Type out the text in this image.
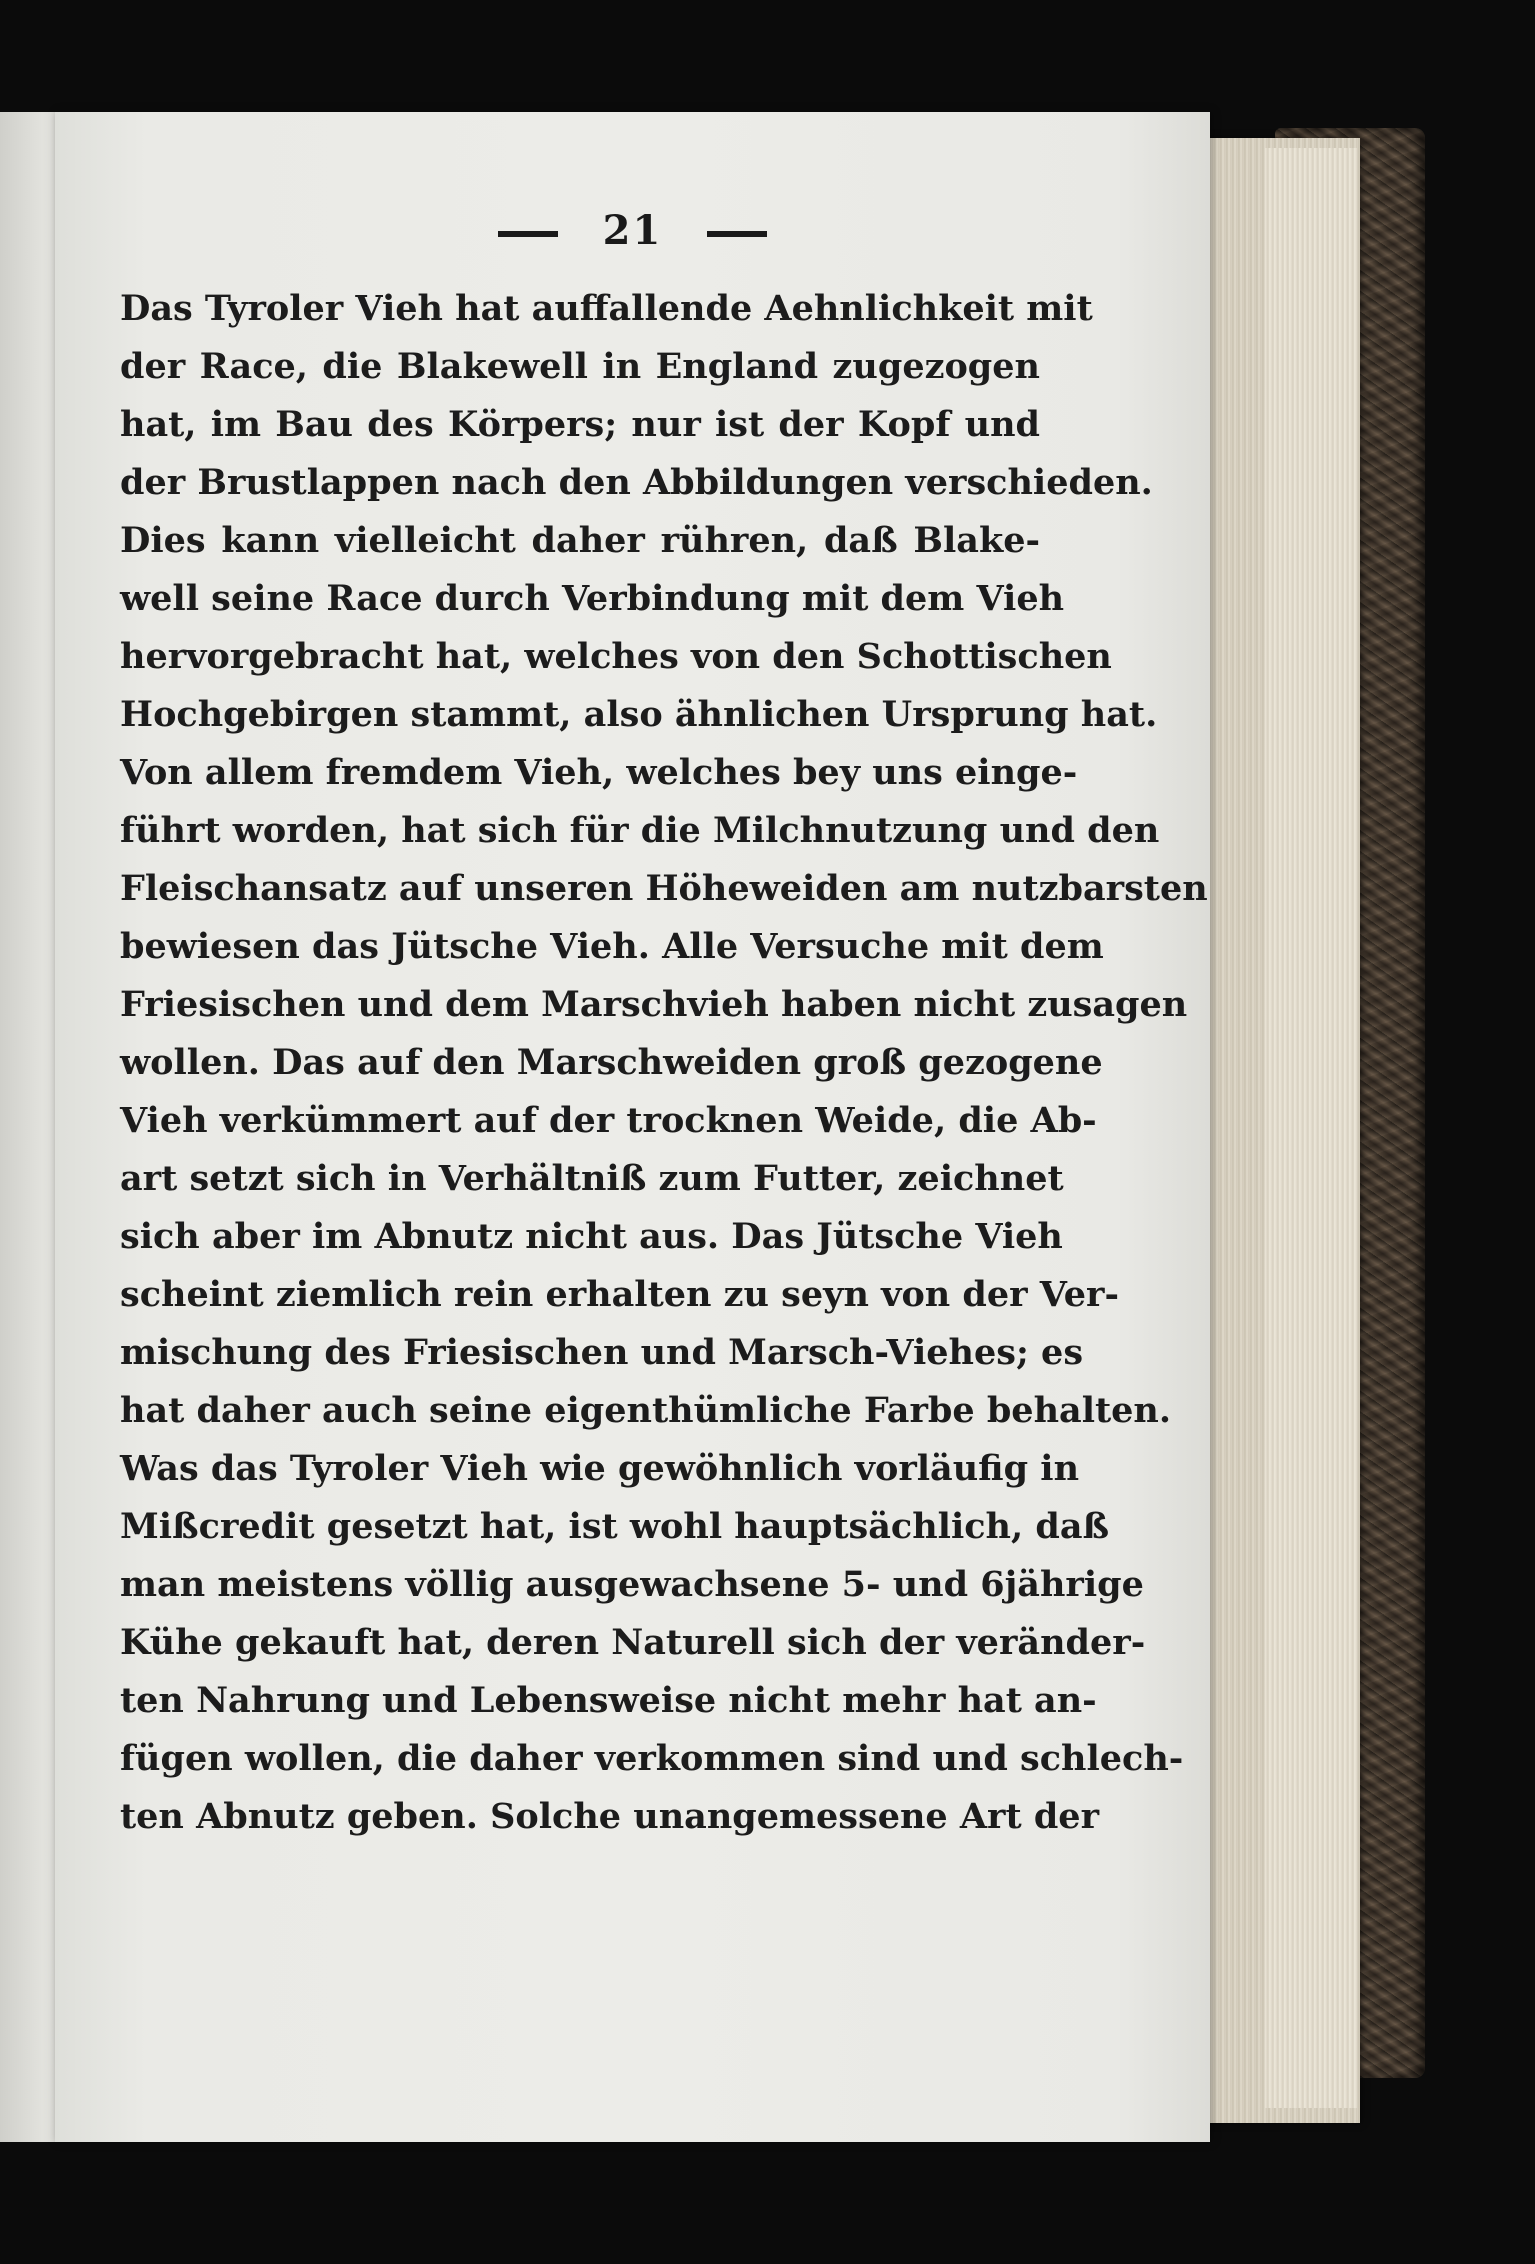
21
Das Tyroler Vieh hat auffallende Aehnlichkeit mit
der Race, die Blakewell in England zugezogen
hat, im Bau des Körpers; nur ist der Kopf und
der Brustlappen nach den Abbildungen verschieden.
Dies kann vielleicht daher rühren, daß Blake-
well seine Race durch Verbindung mit dem Vieh
hervorgebracht hat, welches von den Schottischen
Hochgebirgen stammt, also ähnlichen Ursprung hat.
Von allem fremdem Vieh, welches bey uns einge-
führt worden, hat sich für die Milchnutzung und den
Fleischansatz auf unseren Höheweiden am nutzbarsten
bewiesen das Jütsche Vieh. Alle Versuche mit dem
Friesischen und dem Marschvieh haben nicht zusagen
wollen. Das auf den Marschweiden groß gezogene
Vieh verkümmert auf der trocknen Weide, die Ab-
art setzt sich in Verhältniß zum Futter, zeichnet
sich aber im Abnutz nicht aus. Das Jütsche Vieh
scheint ziemlich rein erhalten zu seyn von der Ver-
mischung des Friesischen und Marsch-Viehes; es
hat daher auch seine eigenthümliche Farbe behalten.
Was das Tyroler Vieh wie gewöhnlich vorläufig in
Mißcredit gesetzt hat, ist wohl hauptsächlich, daß
man meistens völlig ausgewachsene 5- und 6jährige
Kühe gekauft hat, deren Naturell sich der veränder-
ten Nahrung und Lebensweise nicht mehr hat an-
fügen wollen, die daher verkommen sind und schlech-
ten Abnutz geben. Solche unangemessene Art der
